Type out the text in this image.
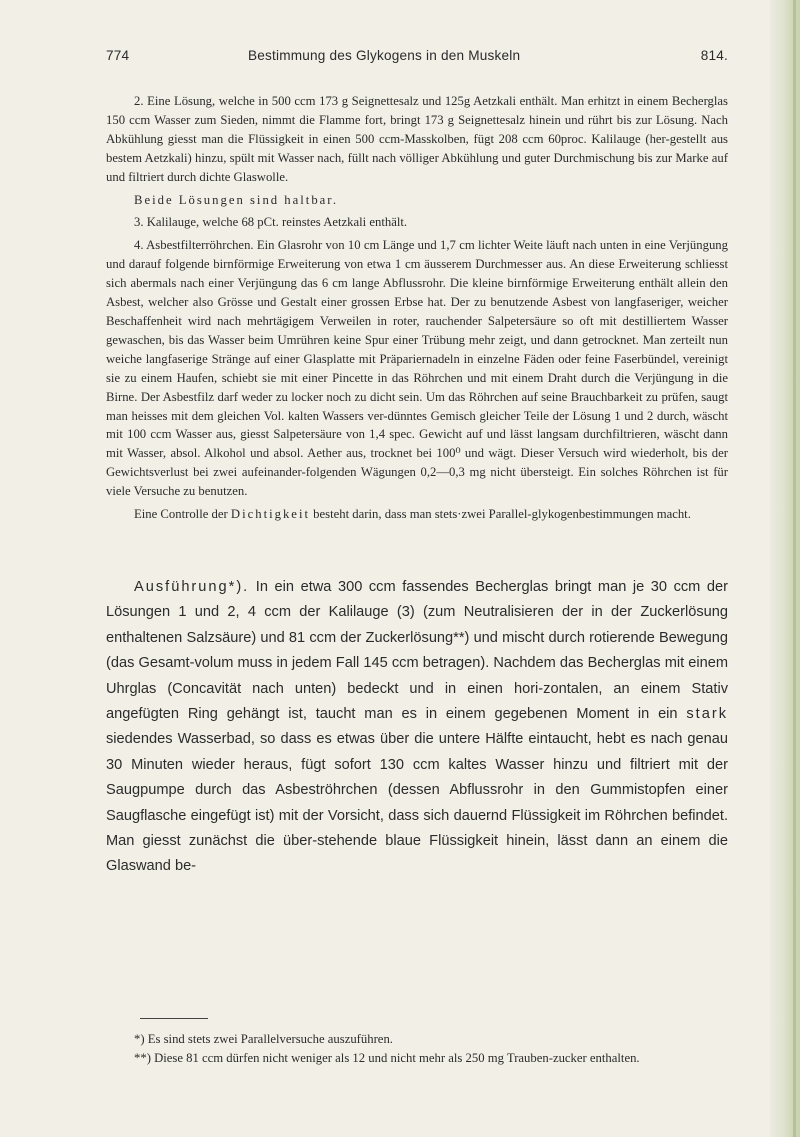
774	Bestimmung des Glykogens in den Muskeln	814.

2. Eine Lösung, welche in 500 ccm 173 g Seignettesalz und 125g Aetzkali enthält. Man erhitzt in einem Becherglas 150 ccm Wasser zum Sieden, nimmt die Flamme fort, bringt 173 g Seignettesalz hinein und rührt bis zur Lösung. Nach Abkühlung giesst man die Flüssigkeit in einen 500 ccm-Masskolben, fügt 208 ccm 60proc. Kalilauge (her-gestellt aus bestem Aetzkali) hinzu, spült mit Wasser nach, füllt nach völliger Abkühlung und guter Durchmischung bis zur Marke auf und filtriert durch dichte Glaswolle.

Beide Lösungen sind haltbar.

3. Kalilauge, welche 68 pCt. reinstes Aetzkali enthält.

4. Asbestfilterröhrchen. Ein Glasrohr von 10 cm Länge und 1,7 cm lichter Weite läuft nach unten in eine Verjüngung und darauf folgende birnförmige Erweiterung von etwa 1 cm äusserem Durchmesser aus. An diese Erweiterung schliesst sich abermals nach einer Verjüngung das 6 cm lange Abflussrohr. Die kleine birnförmige Erweiterung enthält allein den Asbest, welcher also Grösse und Gestalt einer grossen Erbse hat. Der zu benutzende Asbest von langfaseriger, weicher Beschaffenheit wird nach mehrtägigem Verweilen in roter, rauchender Salpetersäure so oft mit destilliertem Wasser gewaschen, bis das Wasser beim Umrühren keine Spur einer Trübung mehr zeigt, und dann getrocknet. Man zerteilt nun weiche langfaserige Stränge auf einer Glasplatte mit Präpariernadeln in einzelne Fäden oder feine Faserbündel, vereinigt sie zu einem Haufen, schiebt sie mit einer Pincette in das Röhrchen und mit einem Draht durch die Verjüngung in die Birne. Der Asbestfilz darf weder zu locker noch zu dicht sein. Um das Röhrchen auf seine Brauchbarkeit zu prüfen, saugt man heisses mit dem gleichen Vol. kalten Wassers ver-dünntes Gemisch gleicher Teile der Lösung 1 und 2 durch, wäscht mit 100 ccm Wasser aus, giesst Salpetersäure von 1,4 spec. Gewicht auf und lässt langsam durchfiltrieren, wäscht dann mit Wasser, absol. Alkohol und absol. Aether aus, trocknet bei 100⁰ und wägt. Dieser Versuch wird wiederholt, bis der Gewichtsverlust bei zwei aufeinander-folgenden Wägungen 0,2—0,3 mg nicht übersteigt. Ein solches Röhrchen ist für viele Versuche zu benutzen.

Eine Controlle der Dichtigkeit besteht darin, dass man stets·zwei Parallel-glykogenbestimmungen macht.

Ausführung*). In ein etwa 300 ccm fassendes Becherglas bringt man je 30 ccm der Lösungen 1 und 2, 4 ccm der Kalilauge (3) (zum Neutralisieren der in der Zuckerlösung enthaltenen Salzsäure) und 81 ccm der Zuckerlösung**) und mischt durch rotierende Bewegung (das Gesamt-volum muss in jedem Fall 145 ccm betragen). Nachdem das Becherglas mit einem Uhrglas (Concavität nach unten) bedeckt und in einen hori-zontalen, an einem Stativ angefügten Ring gehängt ist, taucht man es in einem gegebenen Moment in ein stark siedendes Wasserbad, so dass es etwas über die untere Hälfte eintaucht, hebt es nach genau 30 Minuten wieder heraus, fügt sofort 130 ccm kaltes Wasser hinzu und filtriert mit der Saugpumpe durch das Asbeströhrchen (dessen Abflussrohr in den Gummistopfen einer Saugflasche eingefügt ist) mit der Vorsicht, dass sich dauernd Flüssigkeit im Röhrchen befindet. Man giesst zunächst die über-stehende blaue Flüssigkeit hinein, lässt dann an einem die Glaswand be-

*) Es sind stets zwei Parallelversuche auszuführen.

**) Diese 81 ccm dürfen nicht weniger als 12 und nicht mehr als 250 mg Trauben-zucker enthalten.
